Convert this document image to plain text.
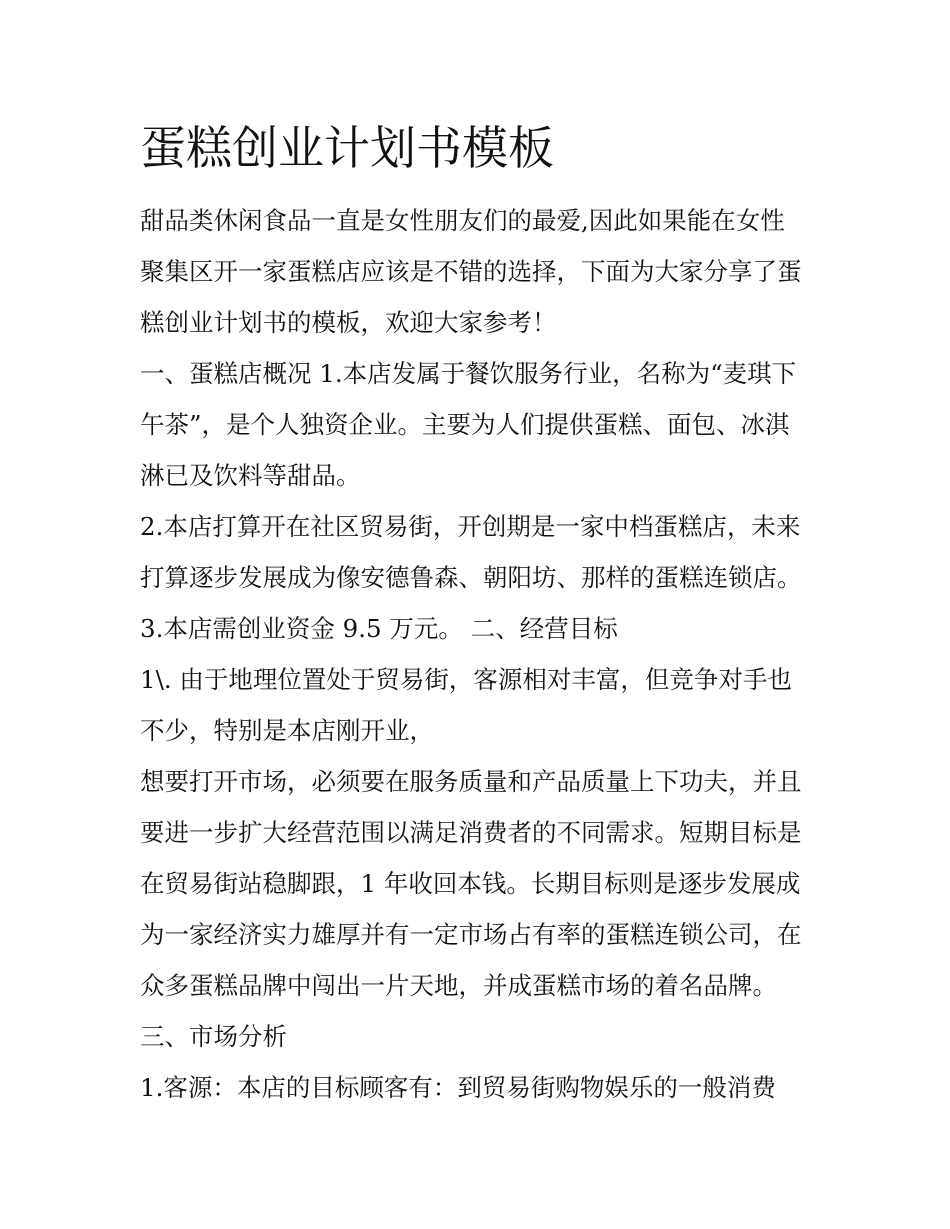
蛋糕创业计划书模板

甜品类休闲食品一直是女性朋友们的最爱,因此如果能在女性

聚集区开一家蛋糕店应该是不错的选择，下面为大家分享了蛋

糕创业计划书的模板，欢迎大家参考！

一、蛋糕店概况 1.本店发属于餐饮服务行业，名称为“麦琪下

午茶”，是个人独资企业。主要为人们提供蛋糕、面包、冰淇

淋已及饮料等甜品。

2.本店打算开在社区贸易街，开创期是一家中档蛋糕店，未来

打算逐步发展成为像安德鲁森、朝阳坊、那样的蛋糕连锁店。

3.本店需创业资金 9.5 万元。 二、经营目标

1\. 由于地理位置处于贸易街，客源相对丰富，但竞争对手也

不少，特别是本店刚开业，

想要打开市场，必须要在服务质量和产品质量上下功夫，并且

要进一步扩大经营范围以满足消费者的不同需求。短期目标是

在贸易街站稳脚跟，1 年收回本钱。长期目标则是逐步发展成

为一家经济实力雄厚并有一定市场占有率的蛋糕连锁公司，在

众多蛋糕品牌中闯出一片天地，并成蛋糕市场的着名品牌。

三、市场分析

1.客源：本店的目标顾客有：到贸易街购物娱乐的一般消费
